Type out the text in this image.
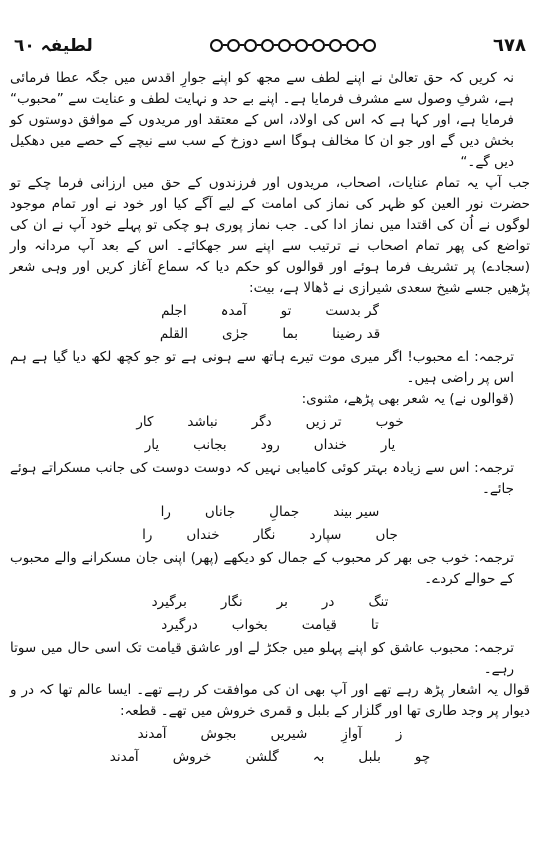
لطیفہ ٦٠	٦٧٨

نہ کریں کہ حق تعالیٰ نے اپنے لطف سے مجھ کو اپنے جوارِ اقدس میں جگہ عطا فرمائی ہے، شرفِ وصول سے مشرف فرمایا ہے۔ اپنے بے حد و نہایت لطف و عنایت سے ”محبوب“ فرمایا ہے، اور کہا ہے کہ اس کی اولاد، اس کے معتقد اور مریدوں کے موافق دوستوں کو بخش دیں گے اور جو ان کا مخالف ہوگا اسے دوزخ کے سب سے نیچے کے حصے میں دھکیل دیں گے۔“

جب آپ یہ تمام عنایات، اصحاب، مریدوں اور فرزندوں کے حق میں ارزانی فرما چکے تو حضرت نور العین کو ظہر کی نماز کی امامت کے لیے آگے کیا اور خود نے اور تمام موجود لوگوں نے اُن کی اقتدا میں نماز ادا کی۔ جب نماز پوری ہو چکی تو پہلے خود آپ نے ان کی تواضع کی پھر تمام اصحاب نے ترتیب سے اپنے سر جھکائے۔ اس کے بعد آپ مردانہ وار (سجادے) پر تشریف فرما ہوئے اور قوالوں کو حکم دیا کہ سماع آغاز کریں اور وہی شعر پڑھیں جسے شیخ سعدی شیرازی نے ڈھالا ہے، بیت:

گر بدست
تو
آمدہ
اجلم
قد رضینا
بما
جرٰی
القلم

ترجمہ: اے محبوب! اگر میری موت تیرے ہاتھ سے ہونی ہے تو جو کچھ لکھ دیا گیا ہے ہم اس پر راضی ہیں۔

(قوالوں نے) یہ شعر بھی پڑھے، مثنوی:

خوب
تر زیں
دگر
نباشد
کار
یار
خنداں
رود
بجانب
یار

ترجمہ: اس سے زیادہ بہتر کوئی کامیابی نہیں کہ دوست دوست کی جانب مسکراتے ہوئے جائے۔

سیر بیند
جمالِ
جاناں
را
جاں
سپارد
نگار
خنداں
را

ترجمہ: خوب جی بھر کر محبوب کے جمال کو دیکھے (پھر) اپنی جان مسکرانے والے محبوب کے حوالے کردے۔

تنگ
در
بر
نگار
برگیرد
تا
قیامت
بخواب
درگیرد

ترجمہ: محبوب عاشق کو اپنے پہلو میں جکڑ لے اور عاشق قیامت تک اسی حال میں سوتا رہے۔

قوال یہ اشعار پڑھ رہے تھے اور آپ بھی ان کی موافقت کر رہے تھے۔ ایسا عالم تھا کہ در و دیوار پر وجد طاری تھا اور گلزار کے بلبل و قمری خروش میں تھے۔ قطعہ:

ز
آوازِ
شیریں
بجوش
آمدند
چو
بلبل
بہ
گلشن
خروش
آمدند
